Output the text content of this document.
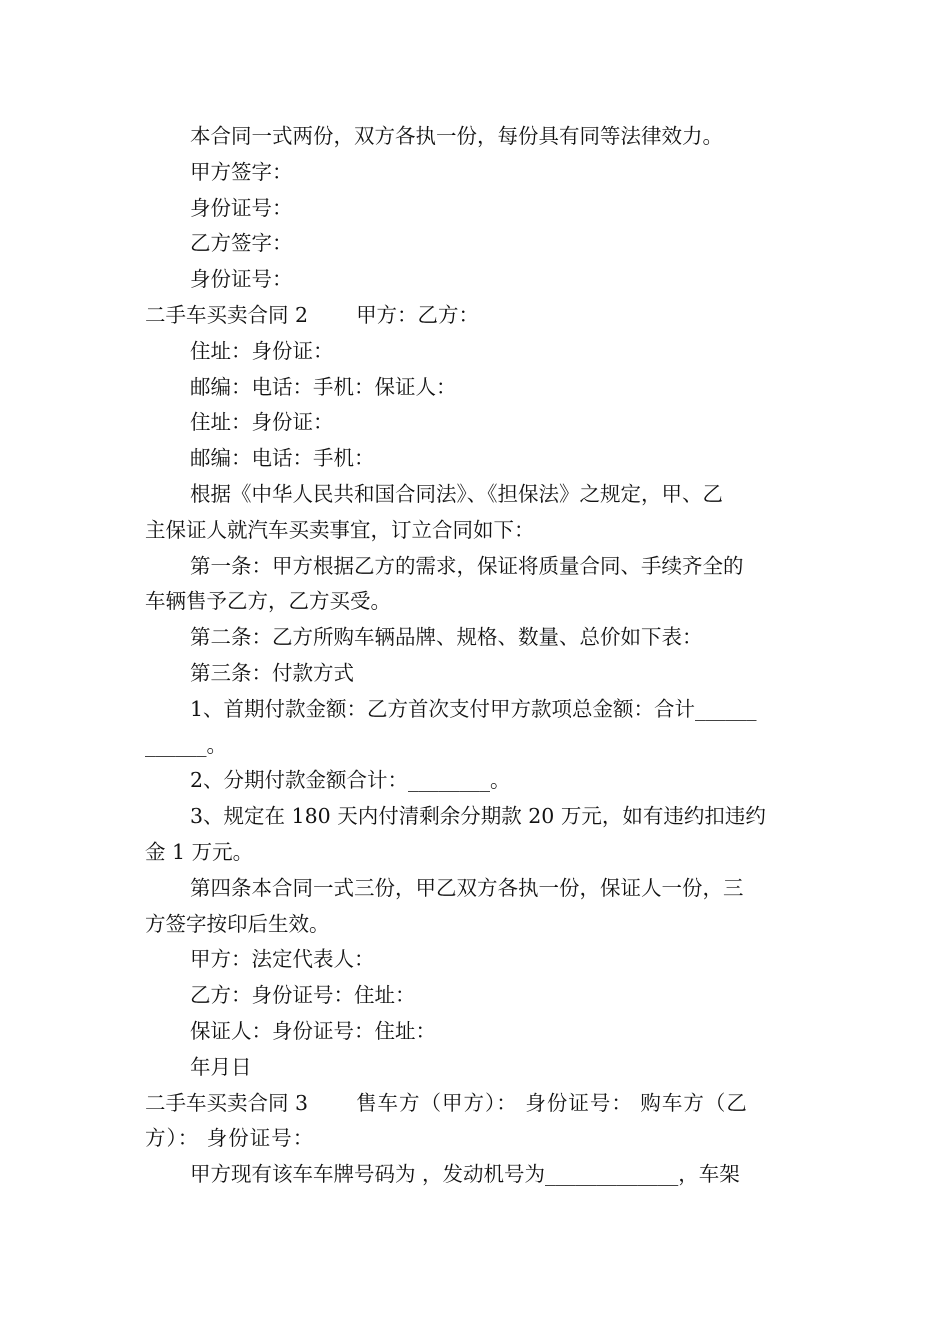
本合同一式两份，双方各执一份，每份具有同等法律效力。
甲方签字：
身份证号：
乙方签字：
身份证号：
二手车买卖合同 2 甲方：乙方：
住址：身份证：
邮编：电话：手机：保证人：
住址：身份证：
邮编：电话：手机：
根据《中华人民共和国合同法》、《担保法》之规定，甲、乙
主保证人就汽车买卖事宜，订立合同如下：
第一条：甲方根据乙方的需求，保证将质量合同、手续齐全的
车辆售予乙方，乙方买受。
第二条：乙方所购车辆品牌、规格、数量、总价如下表：
第三条：付款方式
1、首期付款金额：乙方首次支付甲方款项总金额：合计______
______。
2、分期付款金额合计：________。
3、规定在 180 天内付清剩余分期款 20 万元，如有违约扣违约
金 1 万元。
第四条本合同一式三份，甲乙双方各执一份，保证人一份，三
方签字按印后生效。
甲方：法定代表人：
乙方：身份证号：住址：
保证人：身份证号：住址：
年月日
二手车买卖合同 3 售车方（甲方）： 身份证号： 购车方（乙
方）： 身份证号：
甲方现有该车车牌号码为 ，发动机号为_____________，车架
